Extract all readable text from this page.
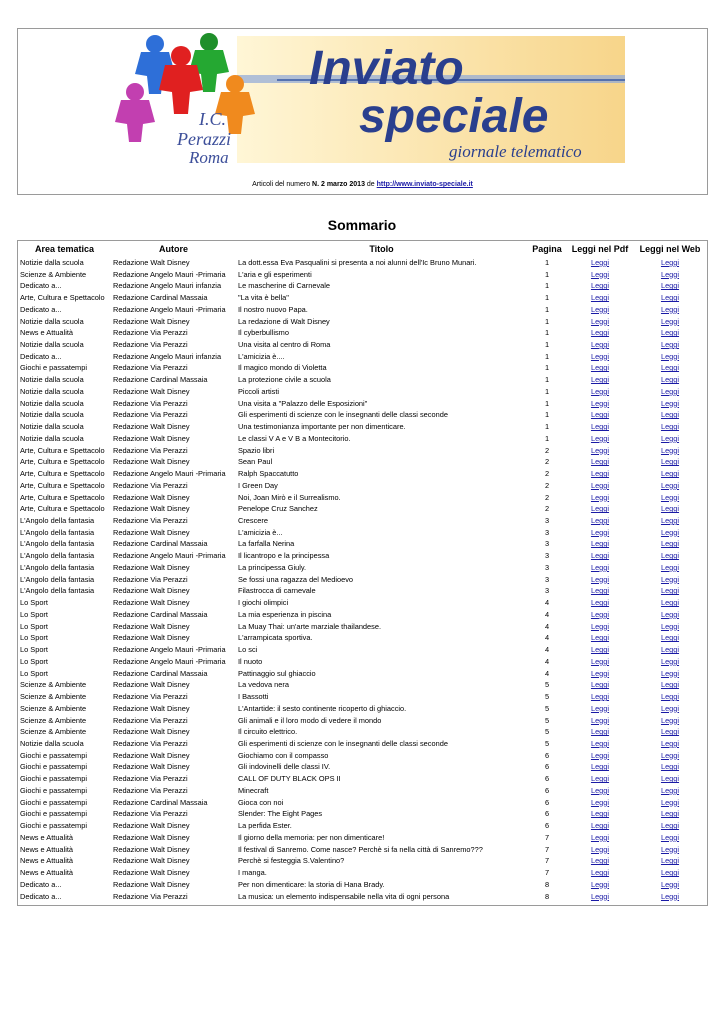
I.C.
Perazzi
Roma
Inviato
speciale
giornale telematico
Articoli del numero N. 2 marzo 2013 de http://www.inviato-speciale.it
Sommario
Area tematica	Autore	Titolo	Pagina	Leggi nel Pdf	Leggi nel Web
Notizie dalla scuola	Redazione Walt Disney	La dott.essa Eva Pasqualini si presenta a noi alunni dell'Ic Bruno Munari.	1	Leggi	Leggi
Scienze & Ambiente	Redazione Angelo Mauri -Primaria	L'aria e gli esperimenti	1	Leggi	Leggi
Dedicato a...	Redazione Angelo Mauri infanzia	Le mascherine di Carnevale	1	Leggi	Leggi
Arte, Cultura e Spettacolo	Redazione Cardinal Massaia	"La vita è bella"	1	Leggi	Leggi
Dedicato a...	Redazione Angelo Mauri -Primaria	Il nostro nuovo Papa.	1	Leggi	Leggi
Notizie dalla scuola	Redazione Walt Disney	La redazione di Walt Disney	1	Leggi	Leggi
News e Attualità	Redazione Via Perazzi	Il cyberbullismo	1	Leggi	Leggi
Notizie dalla scuola	Redazione Via Perazzi	Una visita al centro di Roma	1	Leggi	Leggi
Dedicato a...	Redazione Angelo Mauri infanzia	L'amicizia è....	1	Leggi	Leggi
Giochi e passatempi	Redazione Via Perazzi	Il magico mondo di Violetta	1	Leggi	Leggi
Notizie dalla scuola	Redazione Cardinal Massaia	La protezione civile a scuola	1	Leggi	Leggi
Notizie dalla scuola	Redazione Walt Disney	Piccoli artisti	1	Leggi	Leggi
Notizie dalla scuola	Redazione Via Perazzi	Una visita a "Palazzo delle Esposizioni"	1	Leggi	Leggi
Notizie dalla scuola	Redazione Via Perazzi	Gli esperimenti di scienze con le insegnanti delle classi seconde	1	Leggi	Leggi
Notizie dalla scuola	Redazione Walt Disney	Una testimonianza importante per non dimenticare.	1	Leggi	Leggi
Notizie dalla scuola	Redazione Walt Disney	Le classi V A e V B a Montecitorio.	1	Leggi	Leggi
Arte, Cultura e Spettacolo	Redazione Via Perazzi	Spazio libri	2	Leggi	Leggi
Arte, Cultura e Spettacolo	Redazione Walt Disney	Sean Paul	2	Leggi	Leggi
Arte, Cultura e Spettacolo	Redazione Angelo Mauri -Primaria	Ralph Spaccatutto	2	Leggi	Leggi
Arte, Cultura e Spettacolo	Redazione Via Perazzi	I Green Day	2	Leggi	Leggi
Arte, Cultura e Spettacolo	Redazione Walt Disney	Noi, Joan Mirò e il Surrealismo.	2	Leggi	Leggi
Arte, Cultura e Spettacolo	Redazione Walt Disney	Penelope Cruz Sanchez	2	Leggi	Leggi
L'Angolo della fantasia	Redazione Via Perazzi	Crescere	3	Leggi	Leggi
L'Angolo della fantasia	Redazione Walt Disney	L'amicizia è...	3	Leggi	Leggi
L'Angolo della fantasia	Redazione Cardinal Massaia	La farfalla Nerina	3	Leggi	Leggi
L'Angolo della fantasia	Redazione Angelo Mauri -Primaria	Il licantropo e la principessa	3	Leggi	Leggi
L'Angolo della fantasia	Redazione Walt Disney	La principessa Giuly.	3	Leggi	Leggi
L'Angolo della fantasia	Redazione Via Perazzi	Se fossi una ragazza del Medioevo	3	Leggi	Leggi
L'Angolo della fantasia	Redazione Walt Disney	Filastrocca di carnevale	3	Leggi	Leggi
Lo Sport	Redazione Walt Disney	I giochi olimpici	4	Leggi	Leggi
Lo Sport	Redazione Cardinal Massaia	La mia esperienza in piscina	4	Leggi	Leggi
Lo Sport	Redazione Walt Disney	La Muay Thai: un'arte marziale thailandese.	4	Leggi	Leggi
Lo Sport	Redazione Walt Disney	L'arrampicata sportiva.	4	Leggi	Leggi
Lo Sport	Redazione Angelo Mauri -Primaria	Lo sci	4	Leggi	Leggi
Lo Sport	Redazione Angelo Mauri -Primaria	Il nuoto	4	Leggi	Leggi
Lo Sport	Redazione Cardinal Massaia	Pattinaggio sul ghiaccio	4	Leggi	Leggi
Scienze & Ambiente	Redazione Walt Disney	La vedova nera	5	Leggi	Leggi
Scienze & Ambiente	Redazione Via Perazzi	I Bassotti	5	Leggi	Leggi
Scienze & Ambiente	Redazione Walt Disney	L'Antartide: il sesto continente ricoperto di ghiaccio.	5	Leggi	Leggi
Scienze & Ambiente	Redazione Via Perazzi	Gli animali e il loro modo di vedere il mondo	5	Leggi	Leggi
Scienze & Ambiente	Redazione Walt Disney	Il circuito elettrico.	5	Leggi	Leggi
Notizie dalla scuola	Redazione Via Perazzi	Gli esperimenti di scienze con le insegnanti delle classi seconde	5	Leggi	Leggi
Giochi e passatempi	Redazione Walt Disney	Giochiamo con il compasso	6	Leggi	Leggi
Giochi e passatempi	Redazione Walt Disney	Gli indovinelli delle classi IV.	6	Leggi	Leggi
Giochi e passatempi	Redazione Via Perazzi	CALL OF DUTY BLACK OPS II	6	Leggi	Leggi
Giochi e passatempi	Redazione Via Perazzi	Minecraft	6	Leggi	Leggi
Giochi e passatempi	Redazione Cardinal Massaia	Gioca con noi	6	Leggi	Leggi
Giochi e passatempi	Redazione Via Perazzi	Slender: The Eight Pages	6	Leggi	Leggi
Giochi e passatempi	Redazione Walt Disney	La perfida Ester.	6	Leggi	Leggi
News e Attualità	Redazione Walt Disney	Il giorno della memoria: per non dimenticare!	7	Leggi	Leggi
News e Attualità	Redazione Walt Disney	Il festival di Sanremo. Come nasce? Perchè si fa nella città di Sanremo???	7	Leggi	Leggi
News e Attualità	Redazione Walt Disney	Perchè si festeggia S.Valentino?	7	Leggi	Leggi
News e Attualità	Redazione Walt Disney	I manga.	7	Leggi	Leggi
Dedicato a...	Redazione Walt Disney	Per non dimenticare: la storia di Hana Brady.	8	Leggi	Leggi
Dedicato a...	Redazione Via Perazzi	La musica: un elemento indispensabile nella vita di ogni persona	8	Leggi	Leggi
